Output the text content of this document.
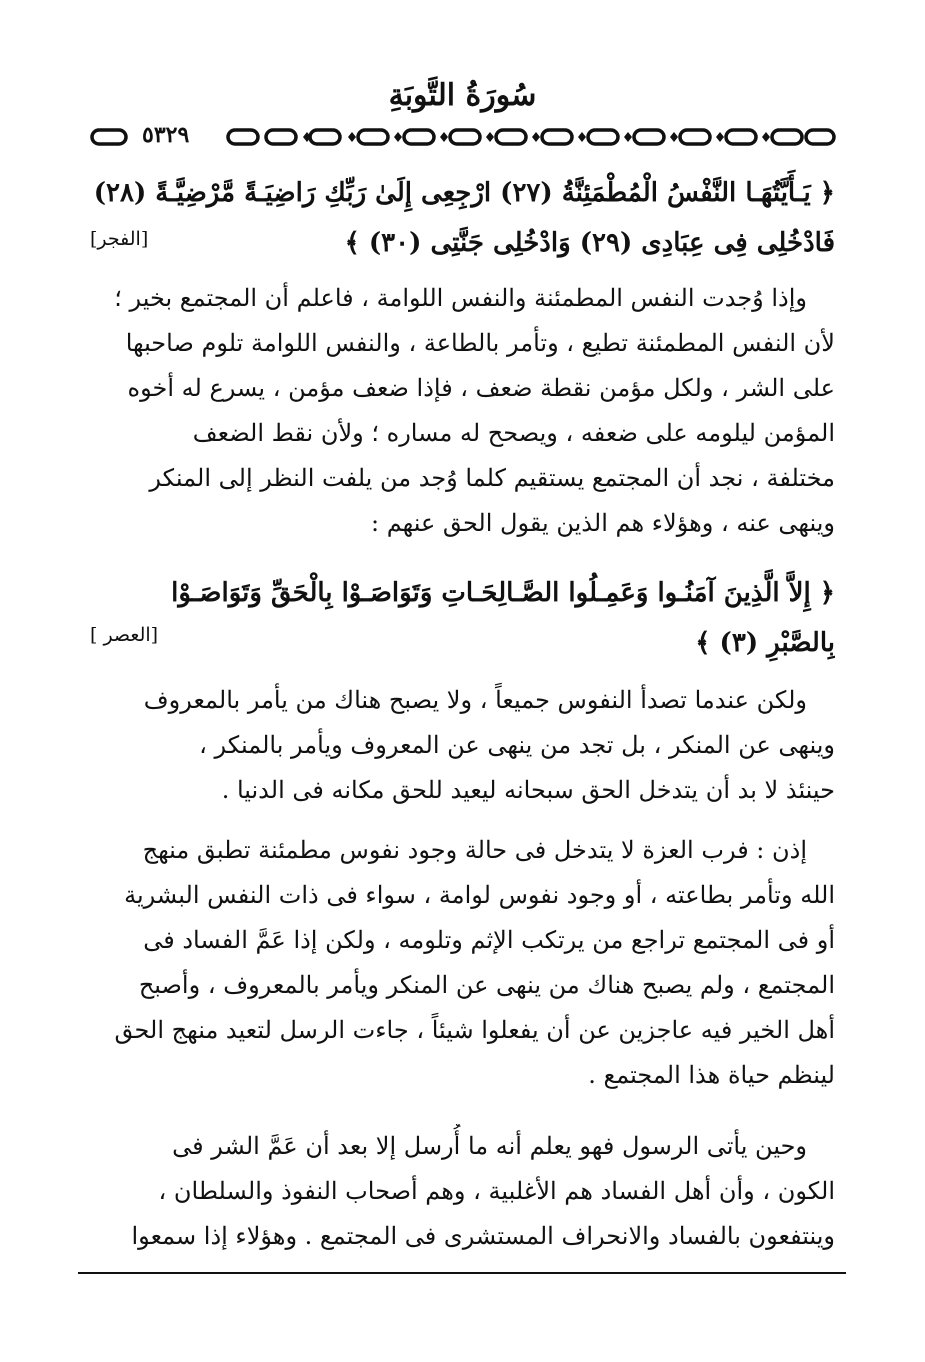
سُورَةُ التَّوبَةِ
٥٣٢٩
﴿ يَـأَيَّتُهَـا النَّفْسُ الْمُطْمَئِنَّةُ (٢٧) ارْجِعِى إِلَىٰ رَبِّكِ رَاضِيَـةً مَّرْضِيَّـةً (٢٨)
فَادْخُلِى فِى عِبَادِى (٢٩) وَادْخُلِى جَنَّتِى (٣٠) ﴾
[الفجر]
وإذا وُجدت النفس المطمئنة والنفس اللوامة ، فاعلم أن المجتمع بخير ؛
لأن النفس المطمئنة تطيع ، وتأمر بالطاعة ، والنفس اللوامة تلوم صاحبها
على الشر ، ولكل مؤمن نقطة ضعف ، فإذا ضعف مؤمن ، يسرع له أخوه
المؤمن ليلومه على ضعفه ، ويصحح له مساره ؛ ولأن نقط الضعف
مختلفة ، نجد أن المجتمع يستقيم كلما وُجد من يلفت النظر إلى المنكر
وينهى عنه ، وهؤلاء هم الذين يقول الحق عنهم :
﴿ إِلاَّ الَّذِينَ آمَنُـوا وَعَمِـلُوا الصَّـالِحَـاتِ وَتَوَاصَـوْا بِالْحَقِّ وَتَوَاصَـوْا
بِالصَّبْرِ (٣) ﴾
[العصر ]
ولكن عندما تصدأ النفوس جميعاً ، ولا يصبح هناك من يأمر بالمعروف
وينهى عن المنكر ، بل تجد من ينهى عن المعروف ويأمر بالمنكر ،
حينئذ لا بد أن يتدخل الحق سبحانه ليعيد للحق مكانه فى الدنيا .
إذن : فرب العزة لا يتدخل فى حالة وجود نفوس مطمئنة تطبق منهج
الله وتأمر بطاعته ، أو وجود نفوس لوامة ، سواء فى ذات النفس البشرية
أو فى المجتمع تراجع من يرتكب الإثم وتلومه ، ولكن إذا عَمَّ الفساد فى
المجتمع ، ولم يصبح هناك من ينهى عن المنكر ويأمر بالمعروف ، وأصبح
أهل الخير فيه عاجزين عن أن يفعلوا شيئاً ، جاءت الرسل لتعيد منهج الحق
لينظم حياة هذا المجتمع .
وحين يأتى الرسول فهو يعلم أنه ما أُرسل إلا بعد أن عَمَّ الشر فى
الكون ، وأن أهل الفساد هم الأغلبية ، وهم أصحاب النفوذ والسلطان ،
وينتفعون بالفساد والانحراف المستشرى فى المجتمع . وهؤلاء إذا سمعوا
